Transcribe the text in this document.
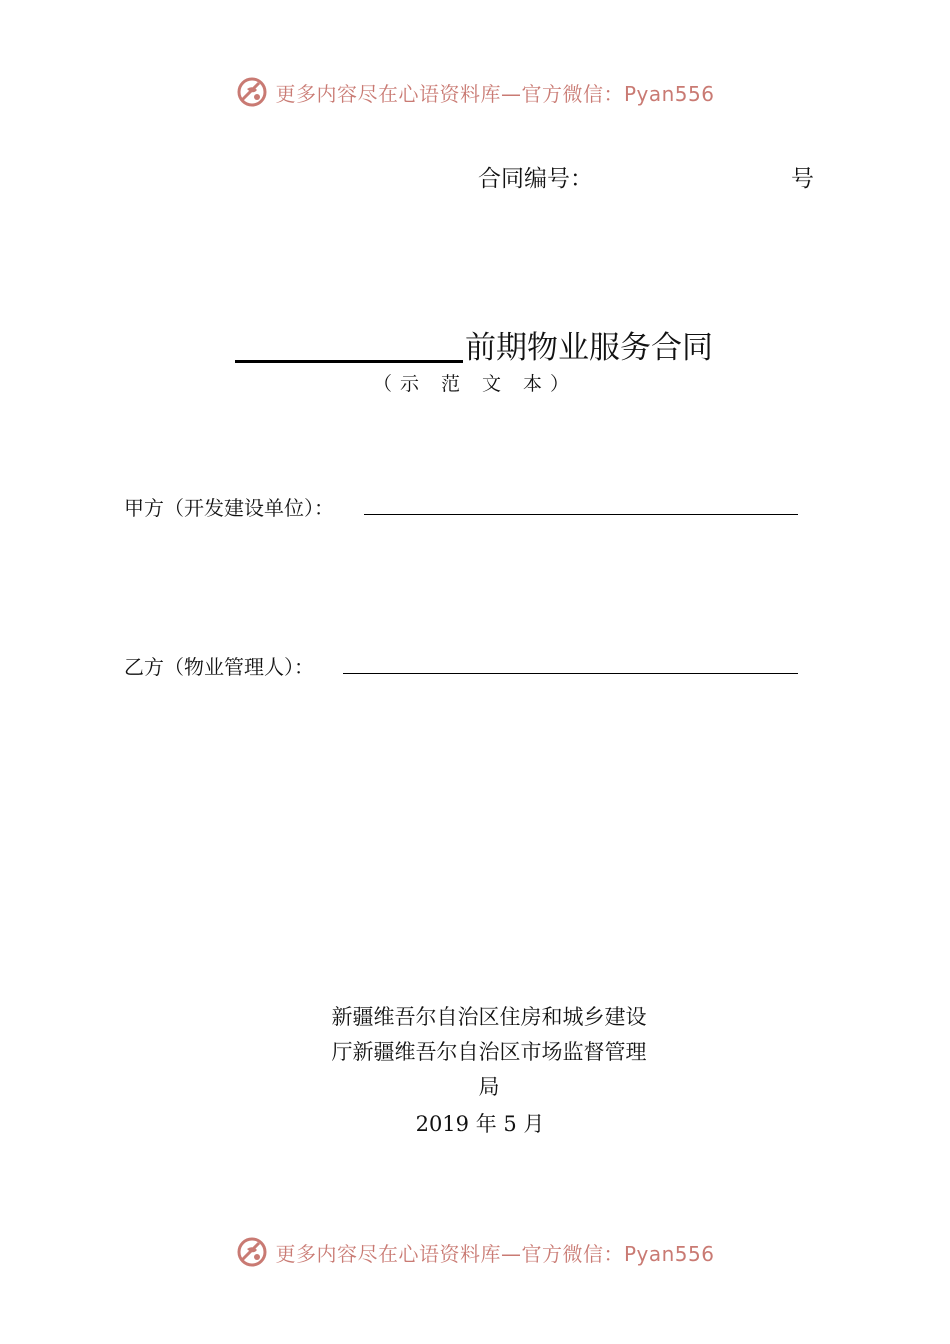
更多内容尽在心语资料库—官方微信：Pyan556
合同编号：	号
前期物业服务合同
（示 范 文 本）
甲方（开发建设单位）：
乙方（物业管理人）：
新疆维吾尔自治区住房和城乡建设
厅新疆维吾尔自治区市场监督管理
局
2019 年 5 月
更多内容尽在心语资料库—官方微信：Pyan556
